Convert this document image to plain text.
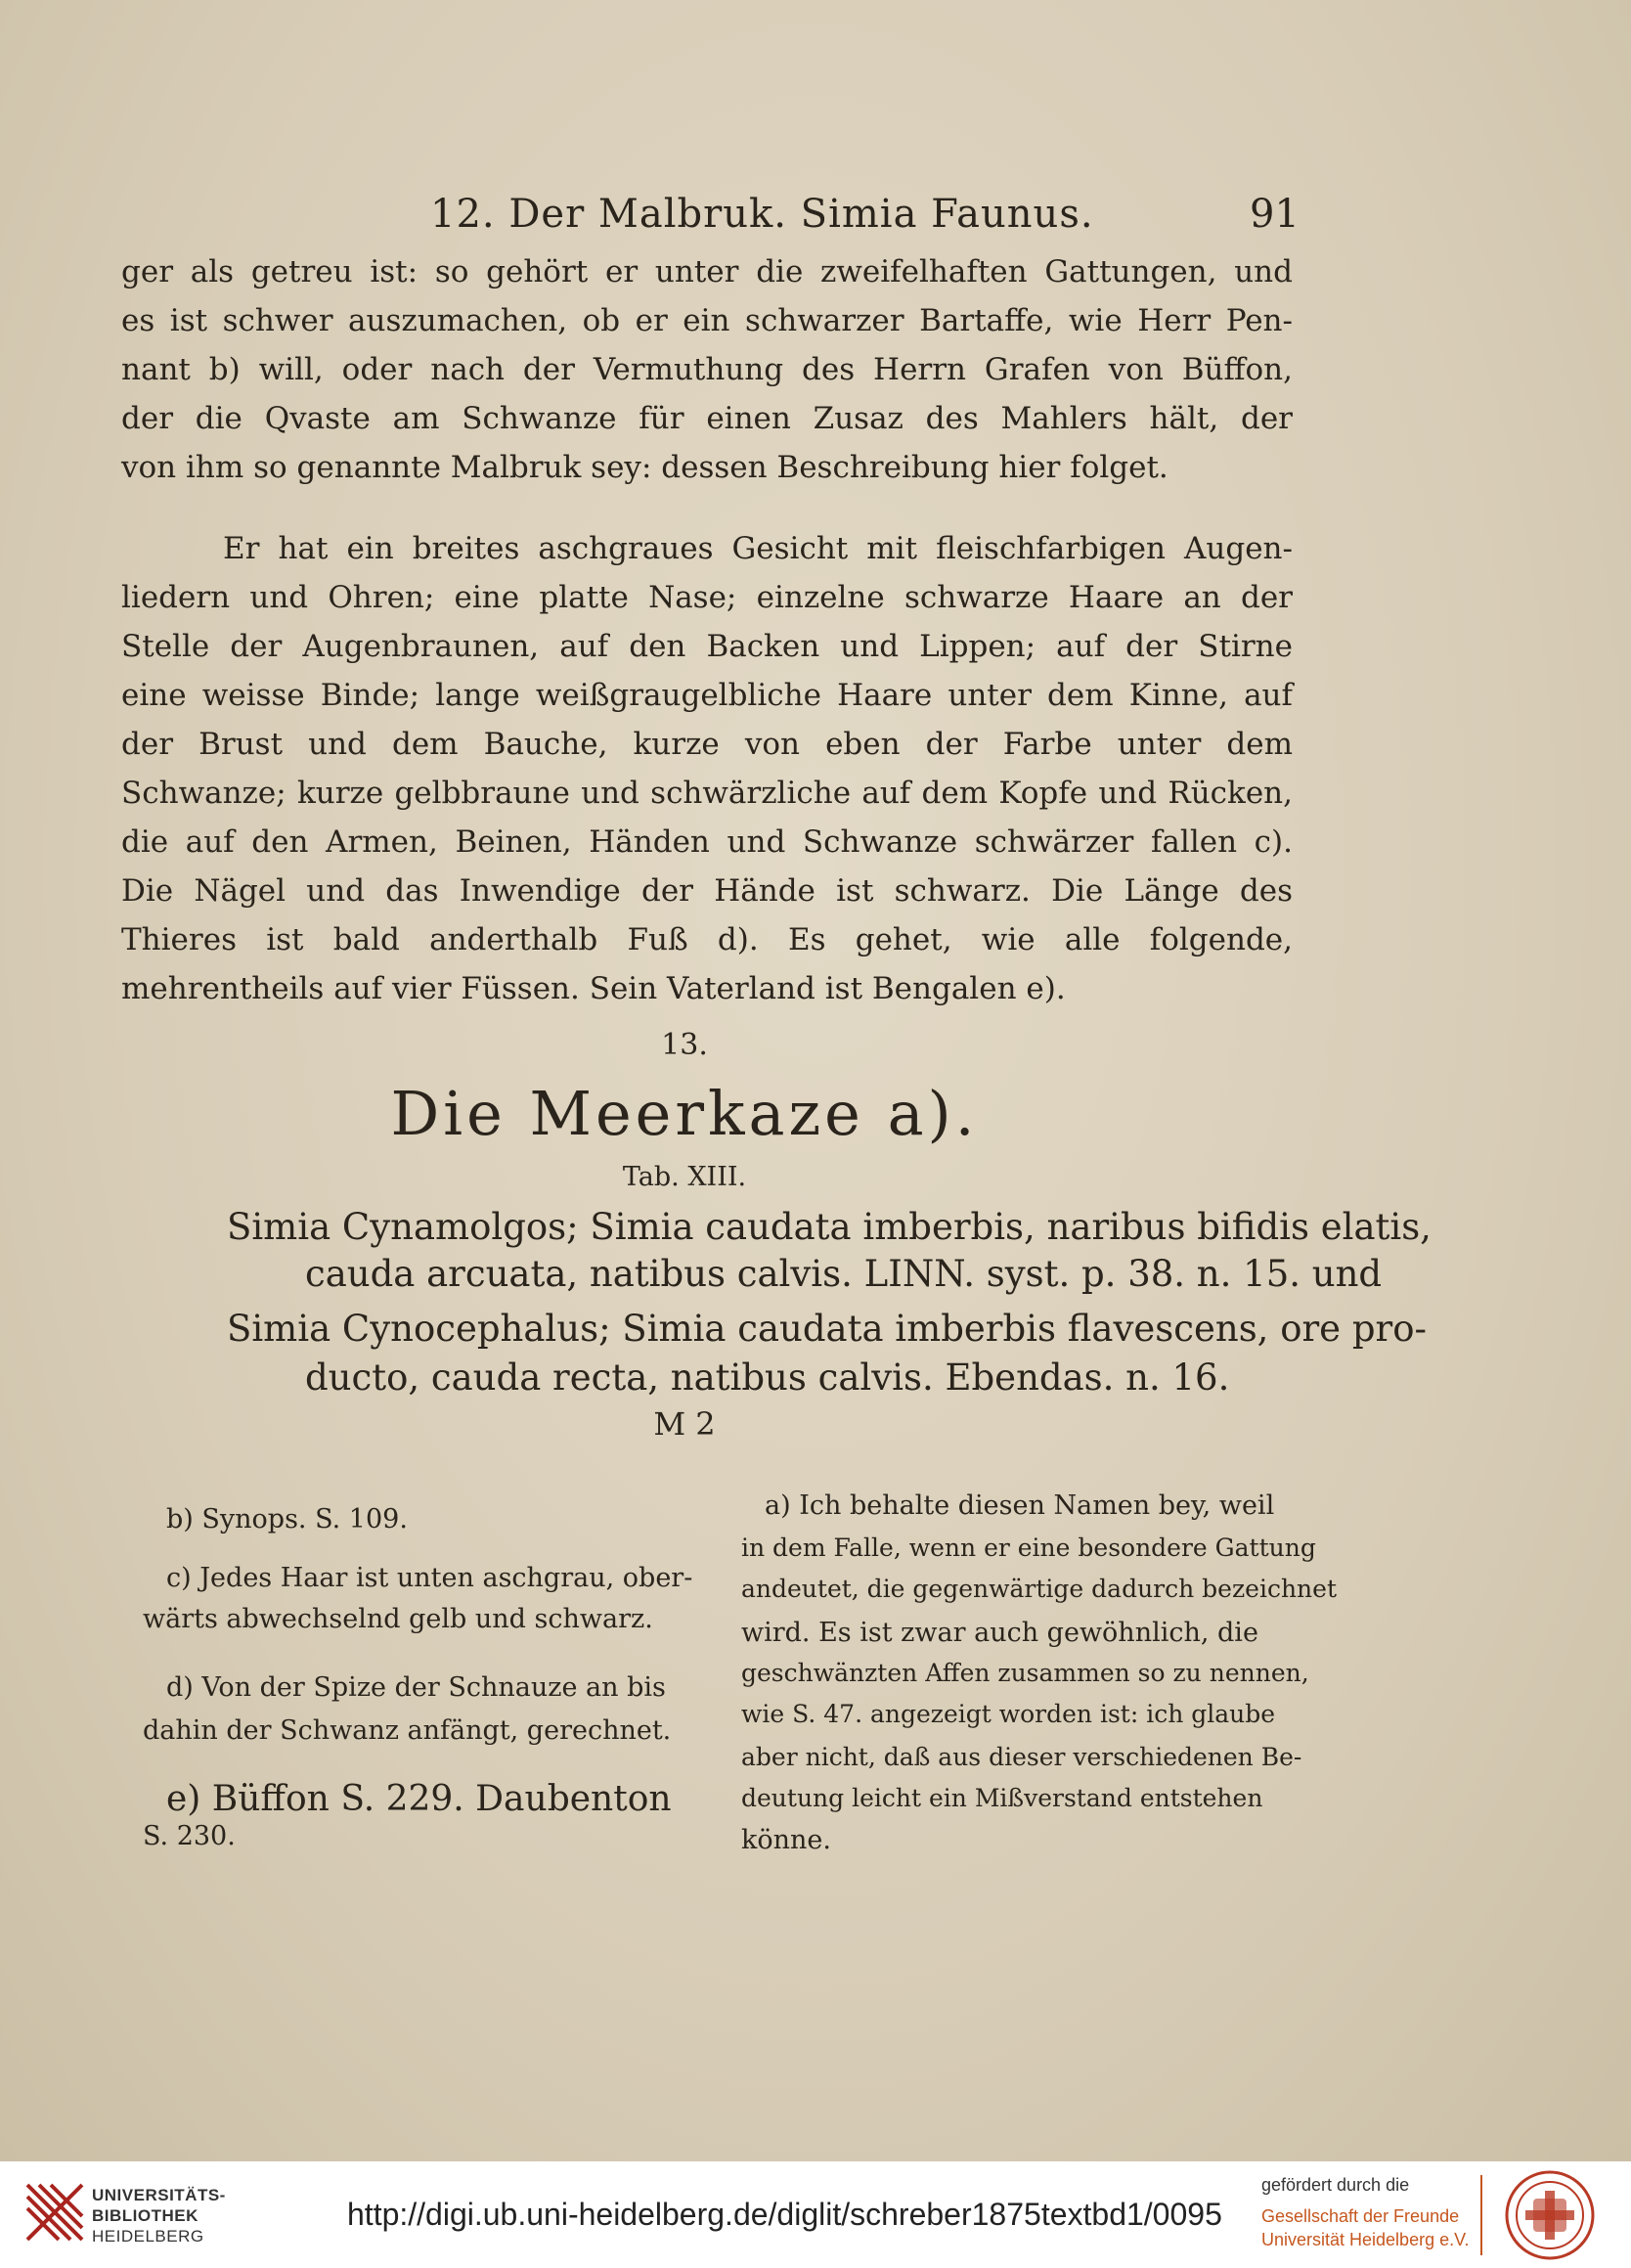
12. Der Malbruk. Simia Faunus.	91
ger als getreu ist: so gehört er unter die zweifelhaften Gattungen, und
es ist schwer auszumachen, ob er ein schwarzer Bartaffe, wie Herr Pen-
nant b) will, oder nach der Vermuthung des Herrn Grafen von Büffon,
der die Qvaste am Schwanze für einen Zusaz des Mahlers hält, der
von ihm so genannte Malbruk sey: dessen Beschreibung hier folget.
Er hat ein breites aschgraues Gesicht mit fleischfarbigen Augen-
liedern und Ohren; eine platte Nase; einzelne schwarze Haare an der
Stelle der Augenbraunen, auf den Backen und Lippen; auf der Stirne
eine weisse Binde; lange weißgraugelbliche Haare unter dem Kinne, auf
der Brust und dem Bauche, kurze von eben der Farbe unter dem
Schwanze; kurze gelbbraune und schwärzliche auf dem Kopfe und Rücken,
die auf den Armen, Beinen, Händen und Schwanze schwärzer fallen c).
Die Nägel und das Inwendige der Hände ist schwarz. Die Länge des
Thieres ist bald anderthalb Fuß d). Es gehet, wie alle folgende,
mehrentheils auf vier Füssen. Sein Vaterland ist Bengalen e).
13.
Die Meerkaze a).
Tab. XIII.
Simia Cynamolgos; Simia caudata imberbis, naribus bifidis elatis,
cauda arcuata, natibus calvis. LINN. syst. p. 38. n. 15. und
Simia Cynocephalus; Simia caudata imberbis flavescens, ore pro-
ducto, cauda recta, natibus calvis. Ebendas. n. 16.
M 2
b) Synops. S. 109.
c) Jedes Haar ist unten aschgrau, ober-
wärts abwechselnd gelb und schwarz.
d) Von der Spize der Schnauze an bis
dahin der Schwanz anfängt, gerechnet.
e) Büffon S. 229. Daubenton
S. 230.
a) Ich behalte diesen Namen bey, weil
in dem Falle, wenn er eine besondere Gattung
andeutet, die gegenwärtige dadurch bezeichnet
wird. Es ist zwar auch gewöhnlich, die
geschwänzten Affen zusammen so zu nennen,
wie S. 47. angezeigt worden ist: ich glaube
aber nicht, daß aus dieser verschiedenen Be-
deutung leicht ein Mißverstand entstehen
könne.
UNIVERSITÄTS-
BIBLIOTHEK
HEIDELBERG
http://digi.ub.uni-heidelberg.de/diglit/schreber1875textbd1/0095
gefördert durch die
Gesellschaft der Freunde
Universität Heidelberg e.V.
